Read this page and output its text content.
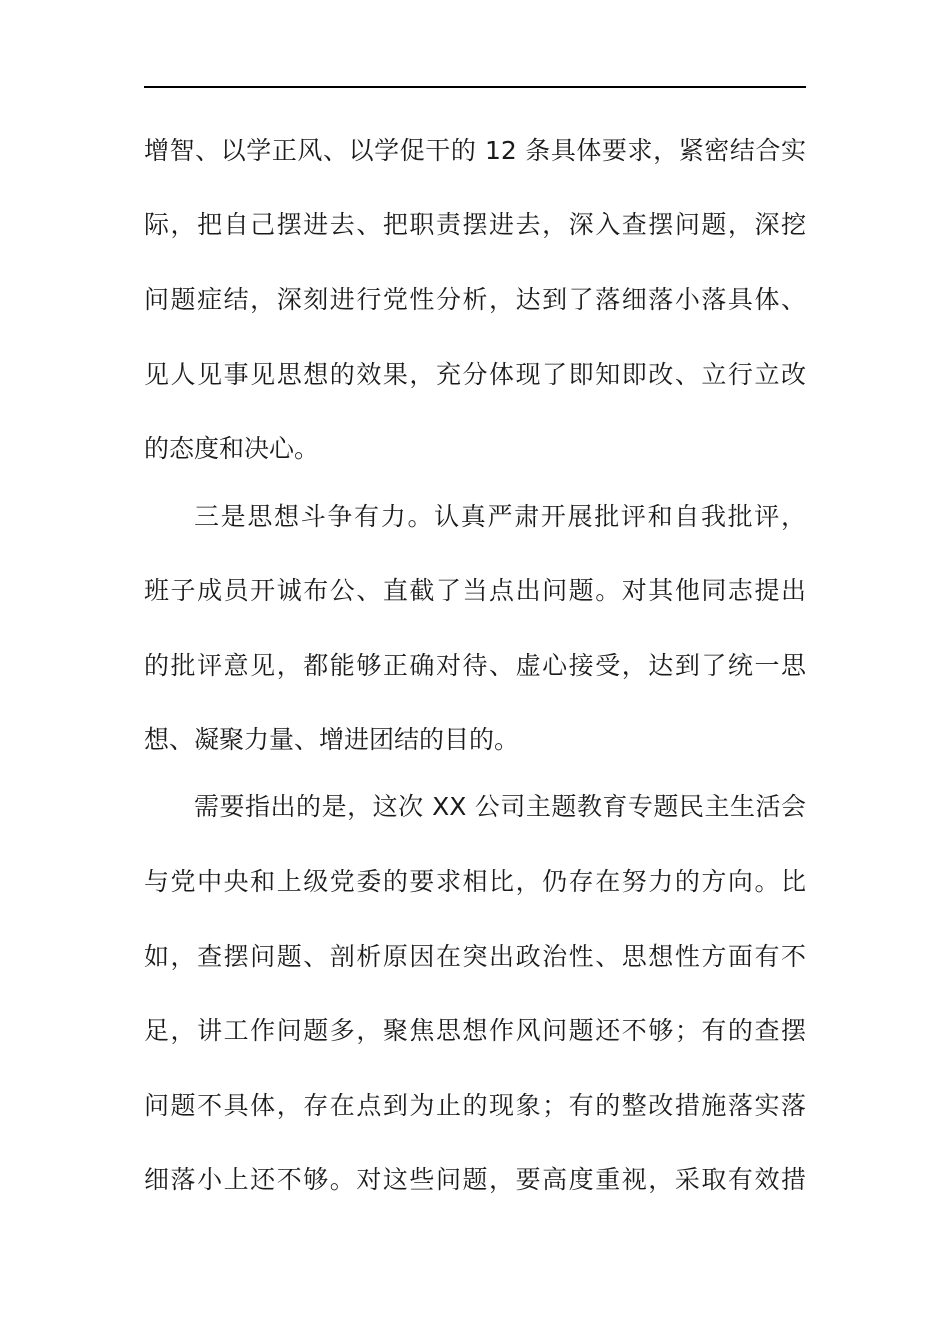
增智、以学正风、以学促干的 12 条具体要求，紧密结合实
际，把自己摆进去、把职责摆进去，深入查摆问题，深挖
问题症结，深刻进行党性分析，达到了落细落小落具体、
见人见事见思想的效果，充分体现了即知即改、立行立改
的态度和决心。
三是思想斗争有力。认真严肃开展批评和自我批评，
班子成员开诚布公、直截了当点出问题。对其他同志提出
的批评意见，都能够正确对待、虚心接受，达到了统一思
想、凝聚力量、增进团结的目的。
需要指出的是，这次 XX 公司主题教育专题民主生活会
与党中央和上级党委的要求相比，仍存在努力的方向。比
如，查摆问题、剖析原因在突出政治性、思想性方面有不
足，讲工作问题多，聚焦思想作风问题还不够；有的查摆
问题不具体，存在点到为止的现象；有的整改措施落实落
细落小上还不够。对这些问题，要高度重视，采取有效措
